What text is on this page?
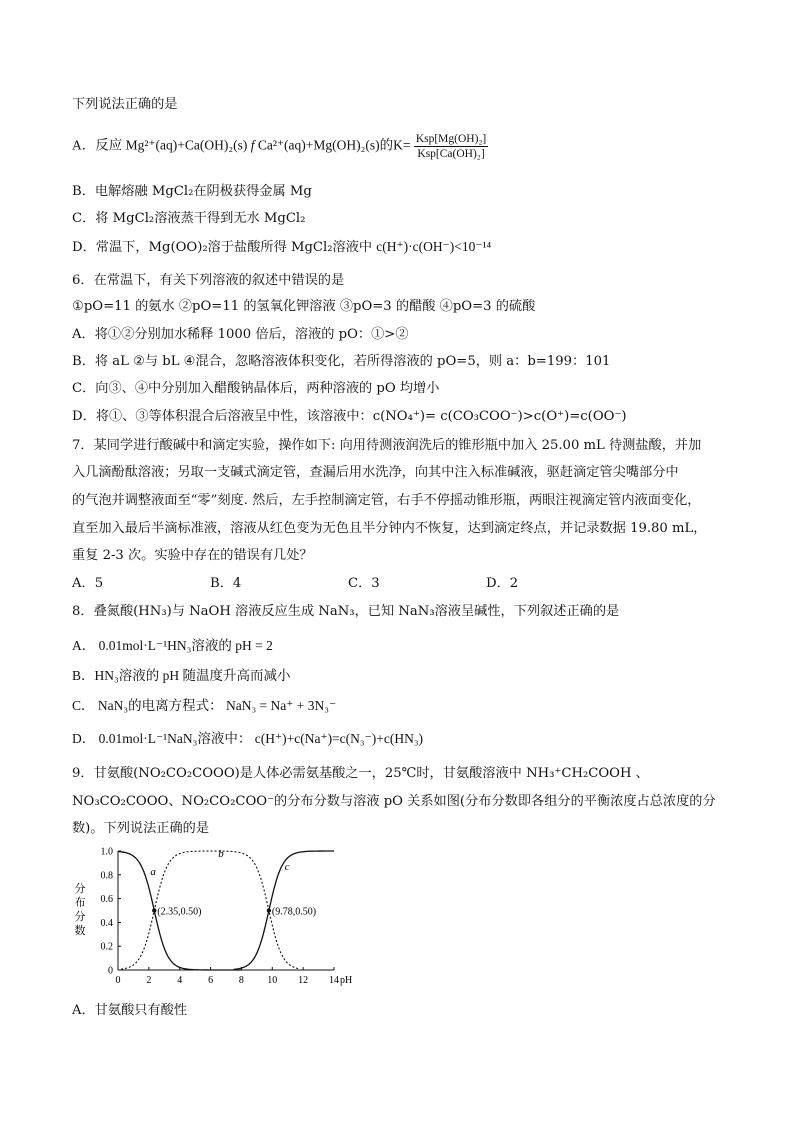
下列说法正确的是
A．反应 Mg²⁺(aq)+Ca(OH)₂(s) f Ca²⁺(aq)+Mg(OH)₂(s)的$K= \frac{\text{Ksp[Mg(OH)₂]}}{\text{Ksp[Ca(OH)₂]}}$
B．电解熔融 MgCl₂在阴极获得金属 Mg
C．将 MgCl₂溶液蒸干得到无水 MgCl₂
D．常温下，Mg(OO)₂溶于盐酸所得 MgCl₂溶液中 c(H⁺)·c(OH⁻)<10⁻¹⁴
6．在常温下，有关下列溶液的叙述中错误的是
①pO=11 的氨水 ②pO=11 的氢氧化钾溶液 ③pO=3 的醋酸 ④pO=3 的硫酸
A．将①②分别加水稀释 1000 倍后，溶液的 pO：①>②
B．将 aL ②与 bL ④混合，忽略溶液体积变化，若所得溶液的 pO=5，则 a：b=199：101
C．向③、④中分别加入醋酸钠晶体后，两种溶液的 pO 均增小
D．将①、③等体积混合后溶液呈中性，该溶液中：c(NO₄⁺)= c(CO₃COO⁻)>c(O⁺)=c(OO⁻)
7．某同学进行酸碱中和滴定实验，操作如下: 向用待测液润洗后的锥形瓶中加入 25.00 mL 待测盐酸，并加
入几滴酚酞溶液；另取一支碱式滴定管，查漏后用水洗净，向其中注入标准碱液，驱赶滴定管尖嘴部分中
的气泡并调整液面至“零”刻度. 然后，左手控制滴定管，右手不停摇动锥形瓶，两眼注视滴定管内液面变化，
直至加入最后半滴标准液，溶液从红色变为无色且半分钟内不恢复，达到滴定终点，并记录数据 19.80 mL，
重复 2-3 次。实验中存在的错误有几处？
A．5	B．4	C．3	D．2
8．叠氮酸(HN₃)与 NaOH 溶液反应生成 NaN₃，已知 NaN₃溶液呈碱性，下列叙述正确的是
A． 0.01mol·L⁻¹HN₃溶液的 pH = 2
B．HN₃溶液的 pH 随温度升高而减小
C． NaN₃的电离方程式： NaN₃ = Na⁺ + 3N₃⁻
D． 0.01mol·L⁻¹NaN₃溶液中： c(H⁺)+c(Na⁺)=c(N₃⁻)+c(HN₃)
9．甘氨酸(NO₂CO₂COOO)是人体必需氨基酸之一，25℃时，甘氨酸溶液中 NH₃⁺CH₂COOH 、
NO₃CO₂COOO、NO₂CO₂COO⁻的分布分数与溶液 pO 关系如图(分布分数即各组分的平衡浓度占总浓度的分
数)。下列说法正确的是
分
布
分
数
0	2	4	6	8 10 12 14 pH
0
0.2
0.4
0.6
0.8
1.0
a
b
c
(2.35,0.50)	(9.78,0.50)
A．甘氨酸只有酸性
